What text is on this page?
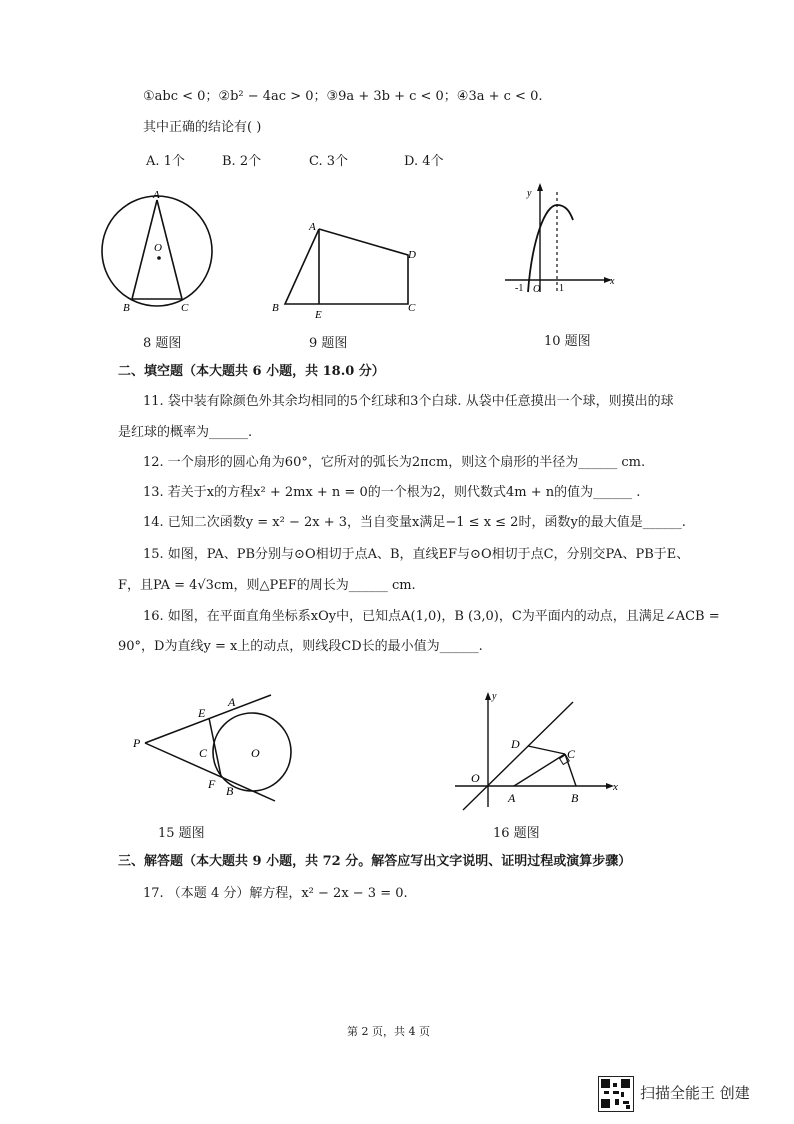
①abc < 0；②b² − 4ac > 0；③9a + 3b + c < 0；④3a + c < 0.
其中正确的结论有( )
A. 1个	B. 2个	C. 3个	D. 4个
A
O
B	C
8 题图
A
D
B
E
C
9 题图
y
x
-1 O 1
10 题图
二、填空题（本大题共 6 小题，共 18.0 分）
11. 袋中装有除颜色外其余均相同的5个红球和3个白球. 从袋中任意摸出一个球，则摸出的球
是红球的概率为______.
12. 一个扇形的圆心角为60°，它所对的弧长为2πcm，则这个扇形的半径为______ cm.
13. 若关于x的方程x² + 2mx + n = 0的一个根为2，则代数式4m + n的值为______ .
14. 已知二次函数y = x² − 2x + 3，当自变量x满足−1 ≤ x ≤ 2时，函数y的最大值是______.
15. 如图，PA、PB分别与⊙O相切于点A、B，直线EF与⊙O相切于点C，分别交PA、PB于E、
F，且PA = 4√3cm，则△PEF的周长为______ cm.
16. 如图，在平面直角坐标系xOy中，已知点A(1,0)，B (3,0)，C为平面内的动点，且满足∠ACB =
90°，D为直线y = x上的动点，则线段CD长的最小值为______.
P
E
A
C	O
F B
15 题图
y
D
C
O
A	B
x
16 题图
三、解答题（本大题共 9 小题，共 72 分。解答应写出文字说明、证明过程或演算步骤）
17. （本题 4 分）解方程，x² − 2x − 3 = 0.
第 2 页，共 4 页
扫描全能王 创建
